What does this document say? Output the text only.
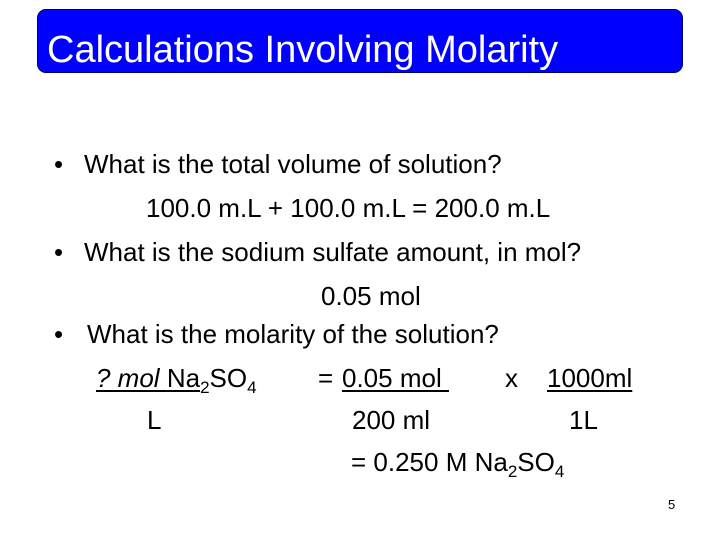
Calculations Involving Molarity
• What is the total volume of solution?
100.0 m.L + 100.0 m.L = 200.0 m.L
• What is the sodium sulfate amount, in mol?
0.05 mol
• What is the molarity of the solution?
? mol $Na_2SO_4 = 0.05$ mol x 1000ml
L	200 ml	1L
= 0.250 M $Na_2SO_4$
5
